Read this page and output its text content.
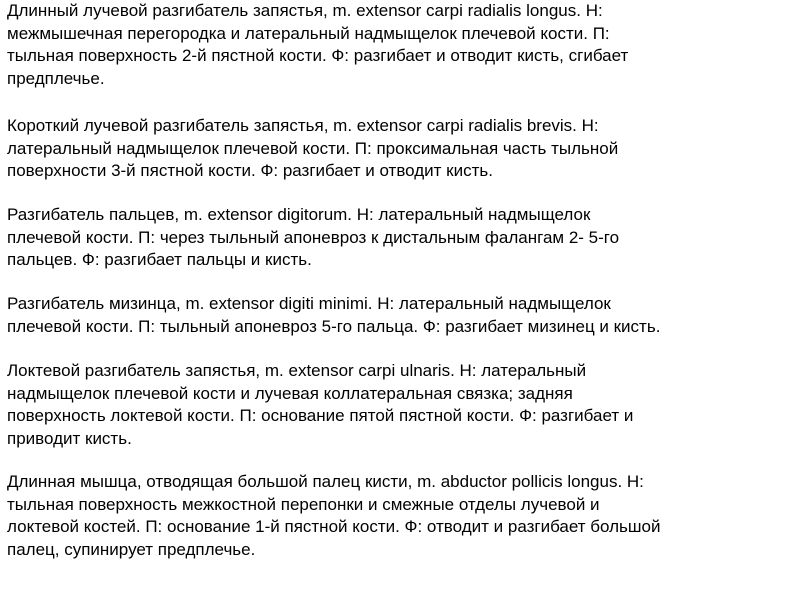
Длинный лучевой разгибатель запястья, m. extensor carpi radialis longus. Н:
межмышечная перегородка и латеральный надмыщелок плечевой кости. П:
тыльная поверхность 2-й пястной кости. Ф: разгибает и отводит кисть, сгибает
предплечье.

Короткий лучевой разгибатель запястья, m. extensor carpi radialis brevis. Н:
латеральный надмыщелок плечевой кости. П: проксимальная часть тыльной
поверхности 3-й пястной кости. Ф: разгибает и отводит кисть.

Разгибатель пальцев, m. extensor digitorum. Н: латеральный надмыщелок
плечевой кости. П: через тыльный апоневроз к дистальным фалангам 2- 5-го
пальцев. Ф: разгибает пальцы и кисть.

Разгибатель мизинца, m. extensor digiti minimi. Н: латеральный надмыщелок
плечевой кости. П: тыльный апоневроз 5-го пальца. Ф: разгибает мизинец и кисть.

Локтевой разгибатель запястья, m. extensor carpi ulnaris. Н: латеральный
надмыщелок плечевой кости и лучевая коллатеральная связка; задняя
поверхность локтевой кости. П: основание пятой пястной кости. Ф: разгибает и
приводит кисть.

Длинная мышца, отводящая большой палец кисти, m. abductor pollicis longus. Н:
тыльная поверхность межкостной перепонки и смежные отделы лучевой и
локтевой костей. П: основание 1-й пястной кости. Ф: отводит и разгибает большой
палец, супинирует предплечье.
